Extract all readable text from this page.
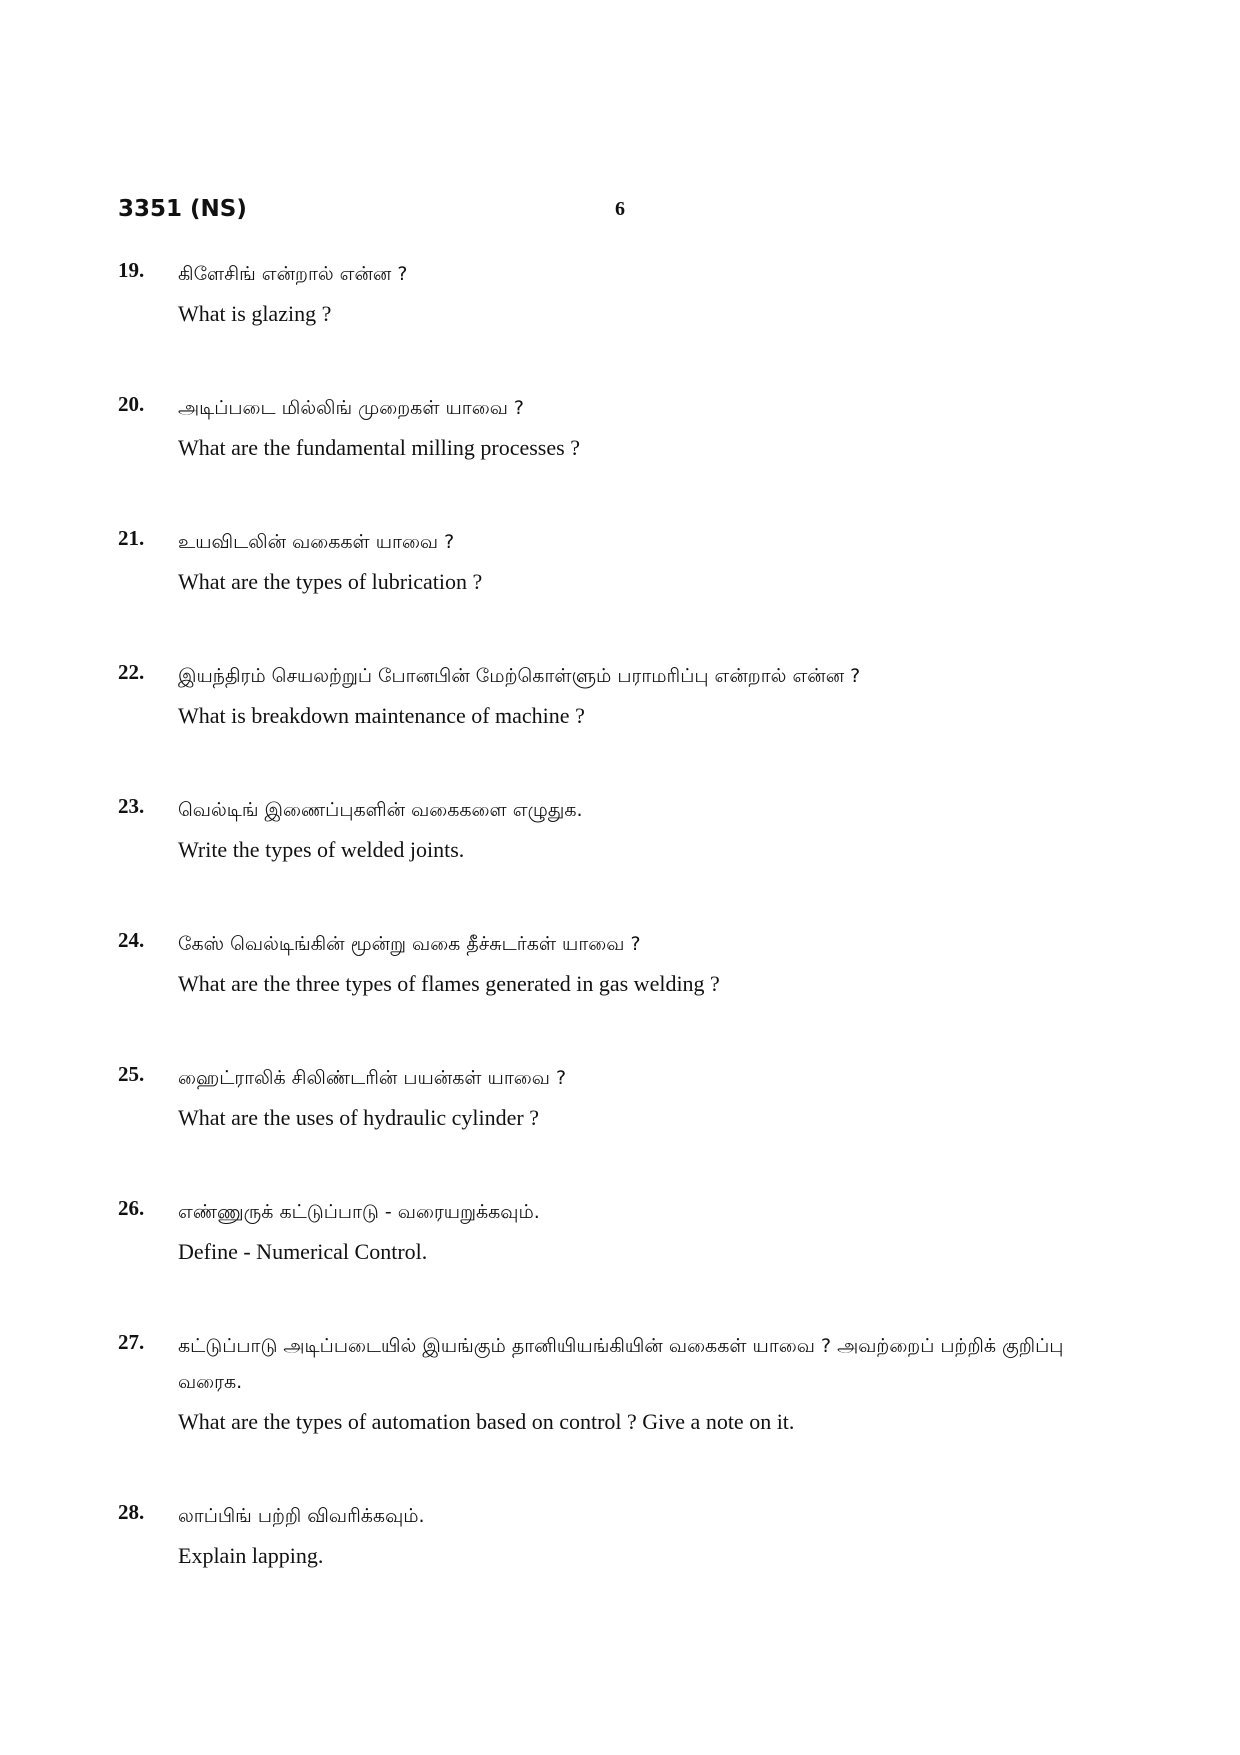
3351 (NS)	6
19. கிளேசிங் என்றால் என்ன ?
What is glazing ?
20. அடிப்படை மில்லிங் முறைகள் யாவை ?
What are the fundamental milling processes ?
21. உயவிடலின் வகைகள் யாவை ?
What are the types of lubrication ?
22. இயந்திரம் செயலற்றுப் போனபின் மேற்கொள்ளும் பராமரிப்பு என்றால் என்ன ?
What is breakdown maintenance of machine ?
23. வெல்டிங் இணைப்புகளின் வகைகளை எழுதுக.
Write the types of welded joints.
24. கேஸ் வெல்டிங்கின் மூன்று வகை தீச்சுடர்கள் யாவை ?
What are the three types of flames generated in gas welding ?
25. ஹைட்ராலிக் சிலிண்டரின் பயன்கள் யாவை ?
What are the uses of hydraulic cylinder ?
26. எண்ணுருக் கட்டுப்பாடு - வரையறுக்கவும்.
Define - Numerical Control.
27. கட்டுப்பாடு அடிப்படையில் இயங்கும் தானியியங்கியின் வகைகள் யாவை ? அவற்றைப் பற்றிக் குறிப்பு வரைக.
What are the types of automation based on control ? Give a note on it.
28. லாப்பிங் பற்றி விவரிக்கவும்.
Explain lapping.
